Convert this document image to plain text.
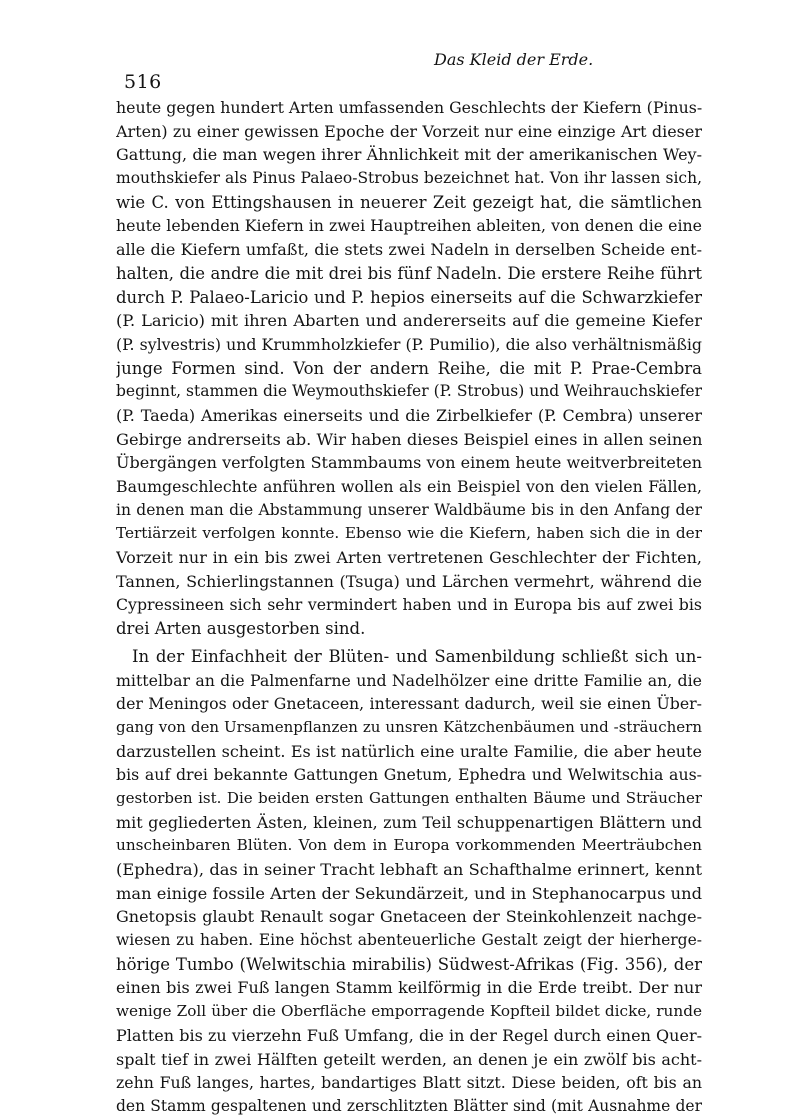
516
Das Kleid der Erde.
heute gegen hundert Arten umfassenden Geschlechts der Kiefern (Pinus-
Arten) zu einer gewissen Epoche der Vorzeit nur eine einzige Art dieser
Gattung, die man wegen ihrer Ähnlichkeit mit der amerikanischen Wey-
mouthskiefer als Pinus Palaeo-Strobus bezeichnet hat. Von ihr lassen sich,
wie C. von Ettingshausen in neuerer Zeit gezeigt hat, die sämtlichen
heute lebenden Kiefern in zwei Hauptreihen ableiten, von denen die eine
alle die Kiefern umfaßt, die stets zwei Nadeln in derselben Scheide ent-
halten, die andre die mit drei bis fünf Nadeln. Die erstere Reihe führt
durch P. Palaeo-Laricio und P. hepios einerseits auf die Schwarzkiefer
(P. Laricio) mit ihren Abarten und andererseits auf die gemeine Kiefer
(P. sylvestris) und Krummholzkiefer (P. Pumilio), die also verhältnismäßig
junge Formen sind. Von der andern Reihe, die mit P. Prae-Cembra
beginnt, stammen die Weymouthskiefer (P. Strobus) und Weihrauchskiefer
(P. Taeda) Amerikas einerseits und die Zirbelkiefer (P. Cembra) unserer
Gebirge andrerseits ab. Wir haben dieses Beispiel eines in allen seinen
Übergängen verfolgten Stammbaums von einem heute weitverbreiteten
Baumgeschlechte anführen wollen als ein Beispiel von den vielen Fällen,
in denen man die Abstammung unserer Waldbäume bis in den Anfang der
Tertiärzeit verfolgen konnte. Ebenso wie die Kiefern, haben sich die in der
Vorzeit nur in ein bis zwei Arten vertretenen Geschlechter der Fichten,
Tannen, Schierlingstannen (Tsuga) und Lärchen vermehrt, während die
Cypressineen sich sehr vermindert haben und in Europa bis auf zwei bis
drei Arten ausgestorben sind.
In der Einfachheit der Blüten- und Samenbildung schließt sich un-
mittelbar an die Palmenfarne und Nadelhölzer eine dritte Familie an, die
der Meningos oder Gnetaceen, interessant dadurch, weil sie einen Über-
gang von den Ursamenpflanzen zu unsren Kätzchenbäumen und -sträuchern
darzustellen scheint. Es ist natürlich eine uralte Familie, die aber heute
bis auf drei bekannte Gattungen Gnetum, Ephedra und Welwitschia aus-
gestorben ist. Die beiden ersten Gattungen enthalten Bäume und Sträucher
mit gegliederten Ästen, kleinen, zum Teil schuppenartigen Blättern und
unscheinbaren Blüten. Von dem in Europa vorkommenden Meerträubchen
(Ephedra), das in seiner Tracht lebhaft an Schafthalme erinnert, kennt
man einige fossile Arten der Sekundärzeit, und in Stephanocarpus und
Gnetopsis glaubt Renault sogar Gnetaceen der Steinkohlenzeit nachge-
wiesen zu haben. Eine höchst abenteuerliche Gestalt zeigt der hierherge-
hörige Tumbo (Welwitschia mirabilis) Südwest-Afrikas (Fig. 356), der
einen bis zwei Fuß langen Stamm keilförmig in die Erde treibt. Der nur
wenige Zoll über die Oberfläche emporragende Kopfteil bildet dicke, runde
Platten bis zu vierzehn Fuß Umfang, die in der Regel durch einen Quer-
spalt tief in zwei Hälften geteilt werden, an denen je ein zwölf bis acht-
zehn Fuß langes, hartes, bandartiges Blatt sitzt. Diese beiden, oft bis an
den Stamm gespaltenen und zerschlitzten Blätter sind (mit Ausnahme der
